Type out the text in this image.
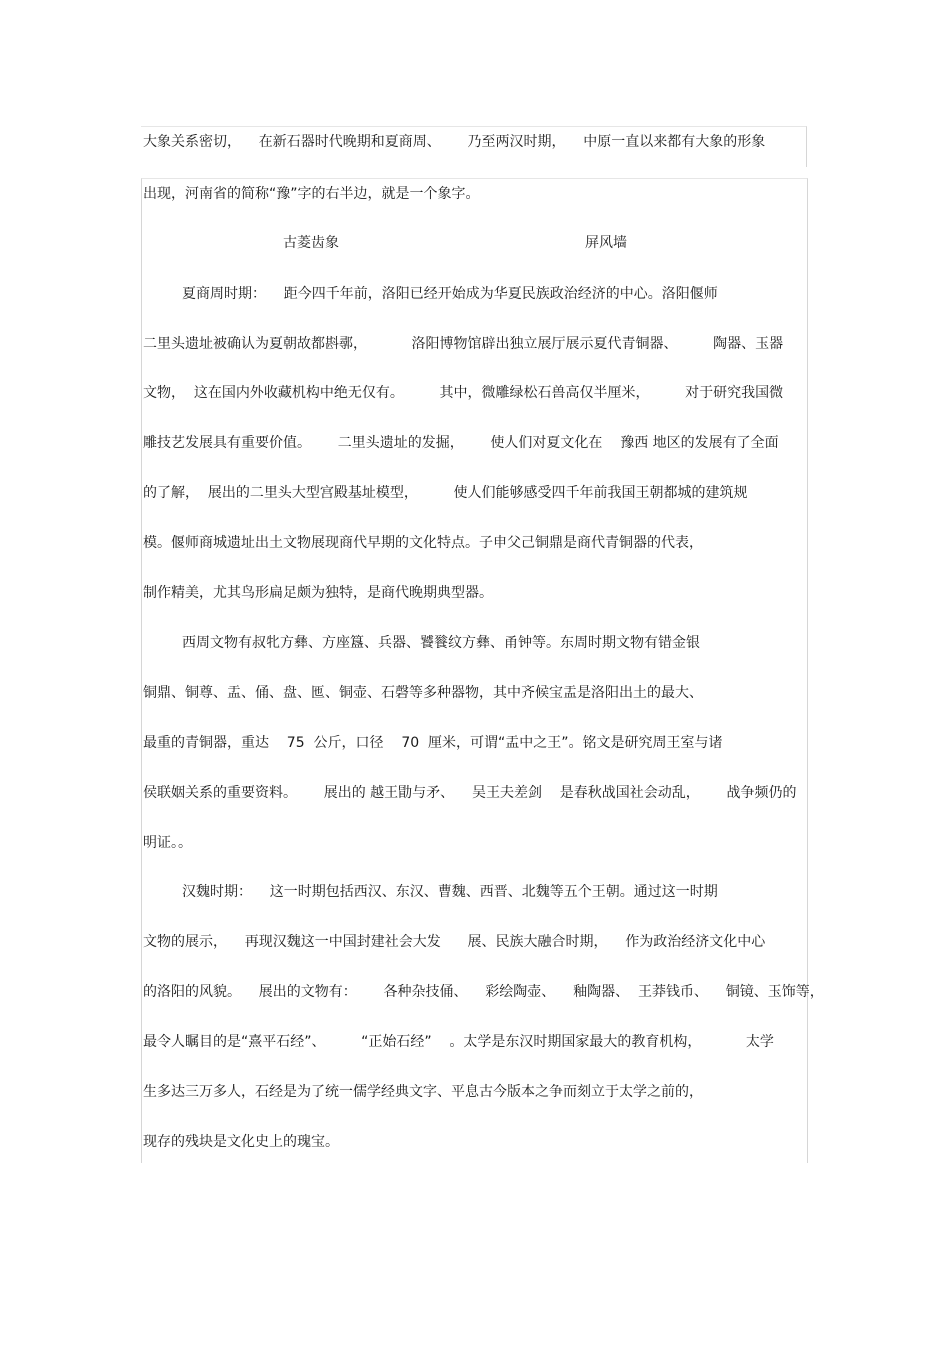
大象关系密切，    在新石器时代晚期和夏商周、      乃至两汉时期，    中原一直以来都有大象的形象
出现，河南省的简称“豫”字的右半边，就是一个象字。
古菱齿象	屏风墙
夏商周时期：    距今四千年前，洛阳已经开始成为华夏民族政治经济的中心。洛阳偃师
二里头遗址被确认为夏朝故都斟鄩，          洛阳博物馆辟出独立展厅展示夏代青铜器、        陶器、玉器
文物，  这在国内外收藏机构中绝无仅有。        其中，微雕绿松石兽高仅半厘米，        对于研究我国微
雕技艺发展具有重要价值。      二里头遗址的发掘，      使人们对夏文化在    豫西 地区的发展有了全面
的了解，  展出的二里头大型宫殿基址模型，        使人们能够感受四千年前我国王朝都城的建筑规
模。偃师商城遗址出土文物展现商代早期的文化特点。子申父己铜鼎是商代青铜器的代表，
制作精美，尤其鸟形扁足颇为独特，是商代晚期典型器。
西周文物有叔牝方彝、方座簋、兵器、饕餮纹方彝、甬钟等。东周时期文物有错金银
铜鼎、铜尊、盂、俑、盘、匜、铜壶、石磬等多种器物，其中齐候宝盂是洛阳出土的最大、
最重的青铜器，重达    75  公斤，口径    70  厘米，可谓“盂中之王”。铭文是研究周王室与诸
侯联姻关系的重要资料。      展出的 越王勖与矛、    吴王夫差剑    是春秋战国社会动乱，      战争频仍的
明证。。
汉魏时期：    这一时期包括西汉、东汉、曹魏、西晋、北魏等五个王朝。通过这一时期
文物的展示，    再现汉魏这一中国封建社会大发      展、民族大融合时期，    作为政治经济文化中心
的洛阳的风貌。    展出的文物有：      各种杂技俑、    彩绘陶壶、    釉陶器、  王莽钱币、    铜镜、玉饰等，
最令人瞩目的是“熹平石经”、        “正始石经”    。太学是东汉时期国家最大的教育机构，          太学
生多达三万多人，石经是为了统一儒学经典文字、平息古今版本之争而刻立于太学之前的，
现存的残块是文化史上的瑰宝。
